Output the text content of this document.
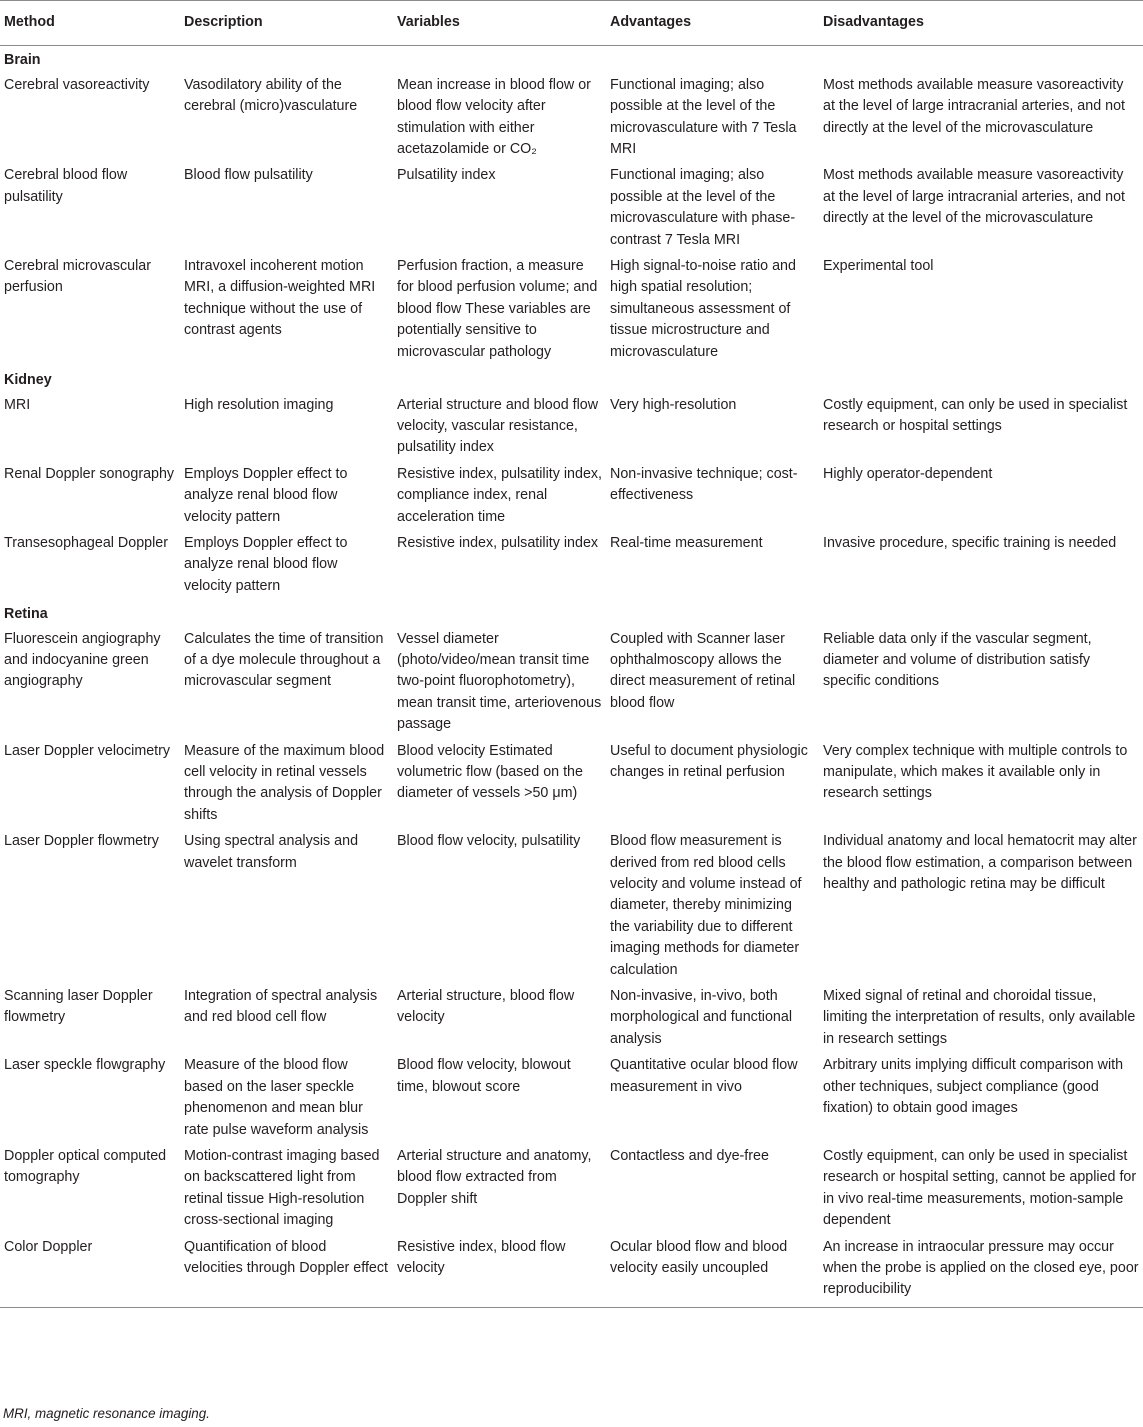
Method	Description	Variables	Advantages	Disadvantages
Brain				
Cerebral vasoreactivity	Vasodilatory ability of the cerebral (micro)vasculature	Mean increase in blood flow or blood flow velocity after stimulation with either acetazolamide or CO₂	Functional imaging; also possible at the level of the microvasculature with 7 Tesla MRI	Most methods available measure vasoreactivity at the level of large intracranial arteries, and not directly at the level of the microvasculature
Cerebral blood flow pulsatility	Blood flow pulsatility	Pulsatility index	Functional imaging; also possible at the level of the microvasculature with phase-contrast 7 Tesla MRI	Most methods available measure vasoreactivity at the level of large intracranial arteries, and not directly at the level of the microvasculature
Cerebral microvascular perfusion	Intravoxel incoherent motion MRI, a diffusion-weighted MRI technique without the use of contrast agents	Perfusion fraction, a measure for blood perfusion volume; and blood flow These variables are potentially sensitive to microvascular pathology	High signal-to-noise ratio and high spatial resolution; simultaneous assessment of tissue microstructure and microvasculature	Experimental tool
Kidney				
MRI	High resolution imaging	Arterial structure and blood flow velocity, vascular resistance, pulsatility index	Very high-resolution	Costly equipment, can only be used in specialist research or hospital settings
Renal Doppler sonography	Employs Doppler effect to analyze renal blood flow velocity pattern	Resistive index, pulsatility index, compliance index, renal acceleration time	Non-invasive technique; cost-effectiveness	Highly operator-dependent
Transesophageal Doppler	Employs Doppler effect to analyze renal blood flow velocity pattern	Resistive index, pulsatility index	Real-time measurement	Invasive procedure, specific training is needed
Retina				
Fluorescein angiography and indocyanine green angiography	Calculates the time of transition of a dye molecule throughout a microvascular segment	Vessel diameter (photo/video/mean transit time two-point fluorophotometry), mean transit time, arteriovenous passage	Coupled with Scanner laser ophthalmoscopy allows the direct measurement of retinal blood flow	Reliable data only if the vascular segment, diameter and volume of distribution satisfy specific conditions
Laser Doppler velocimetry	Measure of the maximum blood cell velocity in retinal vessels through the analysis of Doppler shifts	Blood velocity Estimated volumetric flow (based on the diameter of vessels >50 μm)	Useful to document physiologic changes in retinal perfusion	Very complex technique with multiple controls to manipulate, which makes it available only in research settings
Laser Doppler flowmetry	Using spectral analysis and wavelet transform	Blood flow velocity, pulsatility	Blood flow measurement is derived from red blood cells velocity and volume instead of diameter, thereby minimizing the variability due to different imaging methods for diameter calculation	Individual anatomy and local hematocrit may alter the blood flow estimation, a comparison between healthy and pathologic retina may be difficult
Scanning laser Doppler flowmetry	Integration of spectral analysis and red blood cell flow	Arterial structure, blood flow velocity	Non-invasive, in-vivo, both morphological and functional analysis	Mixed signal of retinal and choroidal tissue, limiting the interpretation of results, only available in research settings
Laser speckle flowgraphy	Measure of the blood flow based on the laser speckle phenomenon and mean blur rate pulse waveform analysis	Blood flow velocity, blowout time, blowout score	Quantitative ocular blood flow measurement in vivo	Arbitrary units implying difficult comparison with other techniques, subject compliance (good fixation) to obtain good images
Doppler optical computed tomography	Motion-contrast imaging based on backscattered light from retinal tissue High-resolution cross-sectional imaging	Arterial structure and anatomy, blood flow extracted from Doppler shift	Contactless and dye-free	Costly equipment, can only be used in specialist research or hospital setting, cannot be applied for in vivo real-time measurements, motion-sample dependent
Color Doppler	Quantification of blood velocities through Doppler effect	Resistive index, blood flow velocity	Ocular blood flow and blood velocity easily uncoupled	An increase in intraocular pressure may occur when the probe is applied on the closed eye, poor reproducibility
MRI, magnetic resonance imaging.
